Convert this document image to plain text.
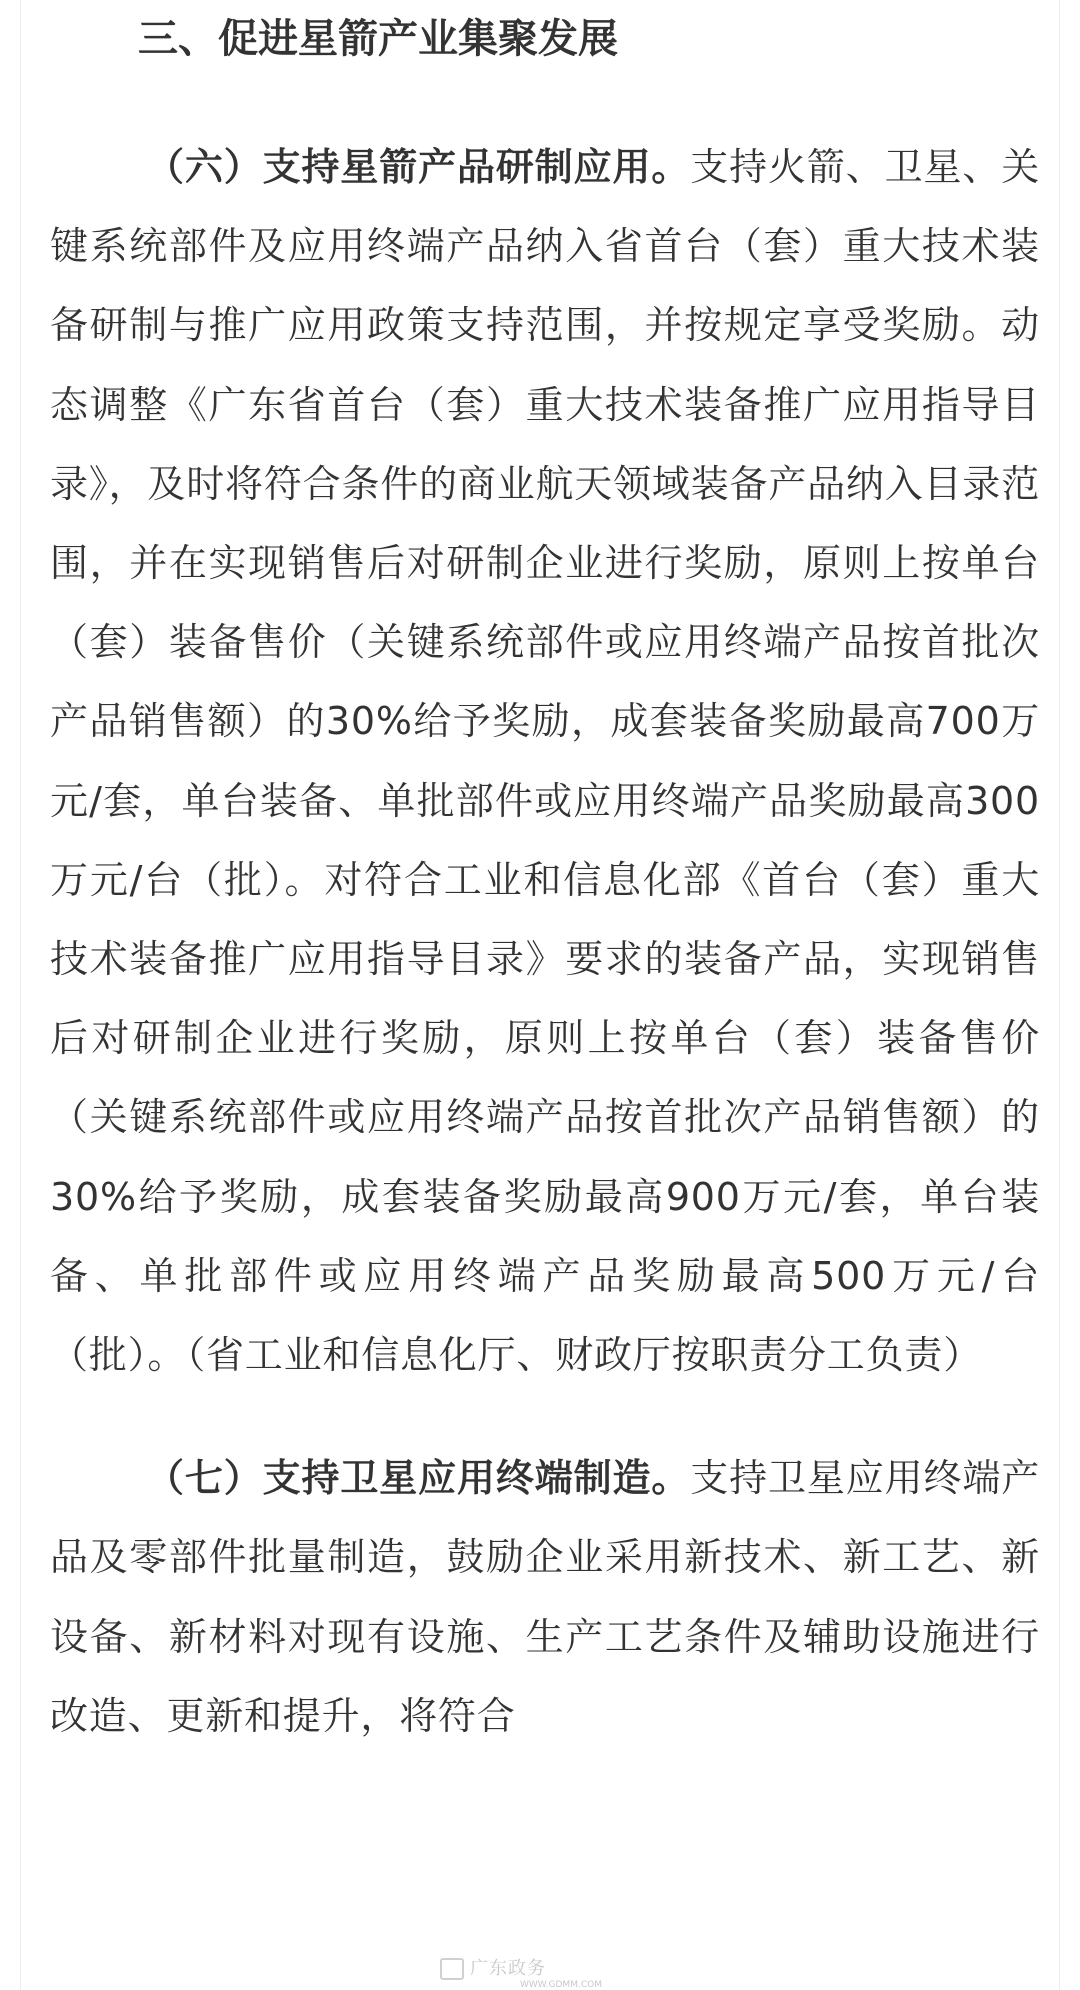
三、促进星箭产业集聚发展

（六）支持星箭产品研制应用。支持火箭、卫星、关键系统部件及应用终端产品纳入省首台（套）重大技术装备研制与推广应用政策支持范围，并按规定享受奖励。动态调整《广东省首台（套）重大技术装备推广应用指导目录》，及时将符合条件的商业航天领域装备产品纳入目录范围，并在实现销售后对研制企业进行奖励，原则上按单台（套）装备售价（关键系统部件或应用终端产品按首批次产品销售额）的30%给予奖励，成套装备奖励最高700万元/套，单台装备、单批部件或应用终端产品奖励最高300万元/台（批）。对符合工业和信息化部《首台（套）重大技术装备推广应用指导目录》要求的装备产品，实现销售后对研制企业进行奖励，原则上按单台（套）装备售价（关键系统部件或应用终端产品按首批次产品销售额）的30%给予奖励，成套装备奖励最高900万元/套，单台装备、单批部件或应用终端产品奖励最高500万元/台（批）。（省工业和信息化厅、财政厅按职责分工负责）

（七）支持卫星应用终端制造。支持卫星应用终端产品及零部件批量制造，鼓励企业采用新技术、新工艺、新设备、新材料对现有设施、生产工艺条件及辅助设施进行改造、更新和提升，将符合

广东政务
WWW.GDMM.COM
